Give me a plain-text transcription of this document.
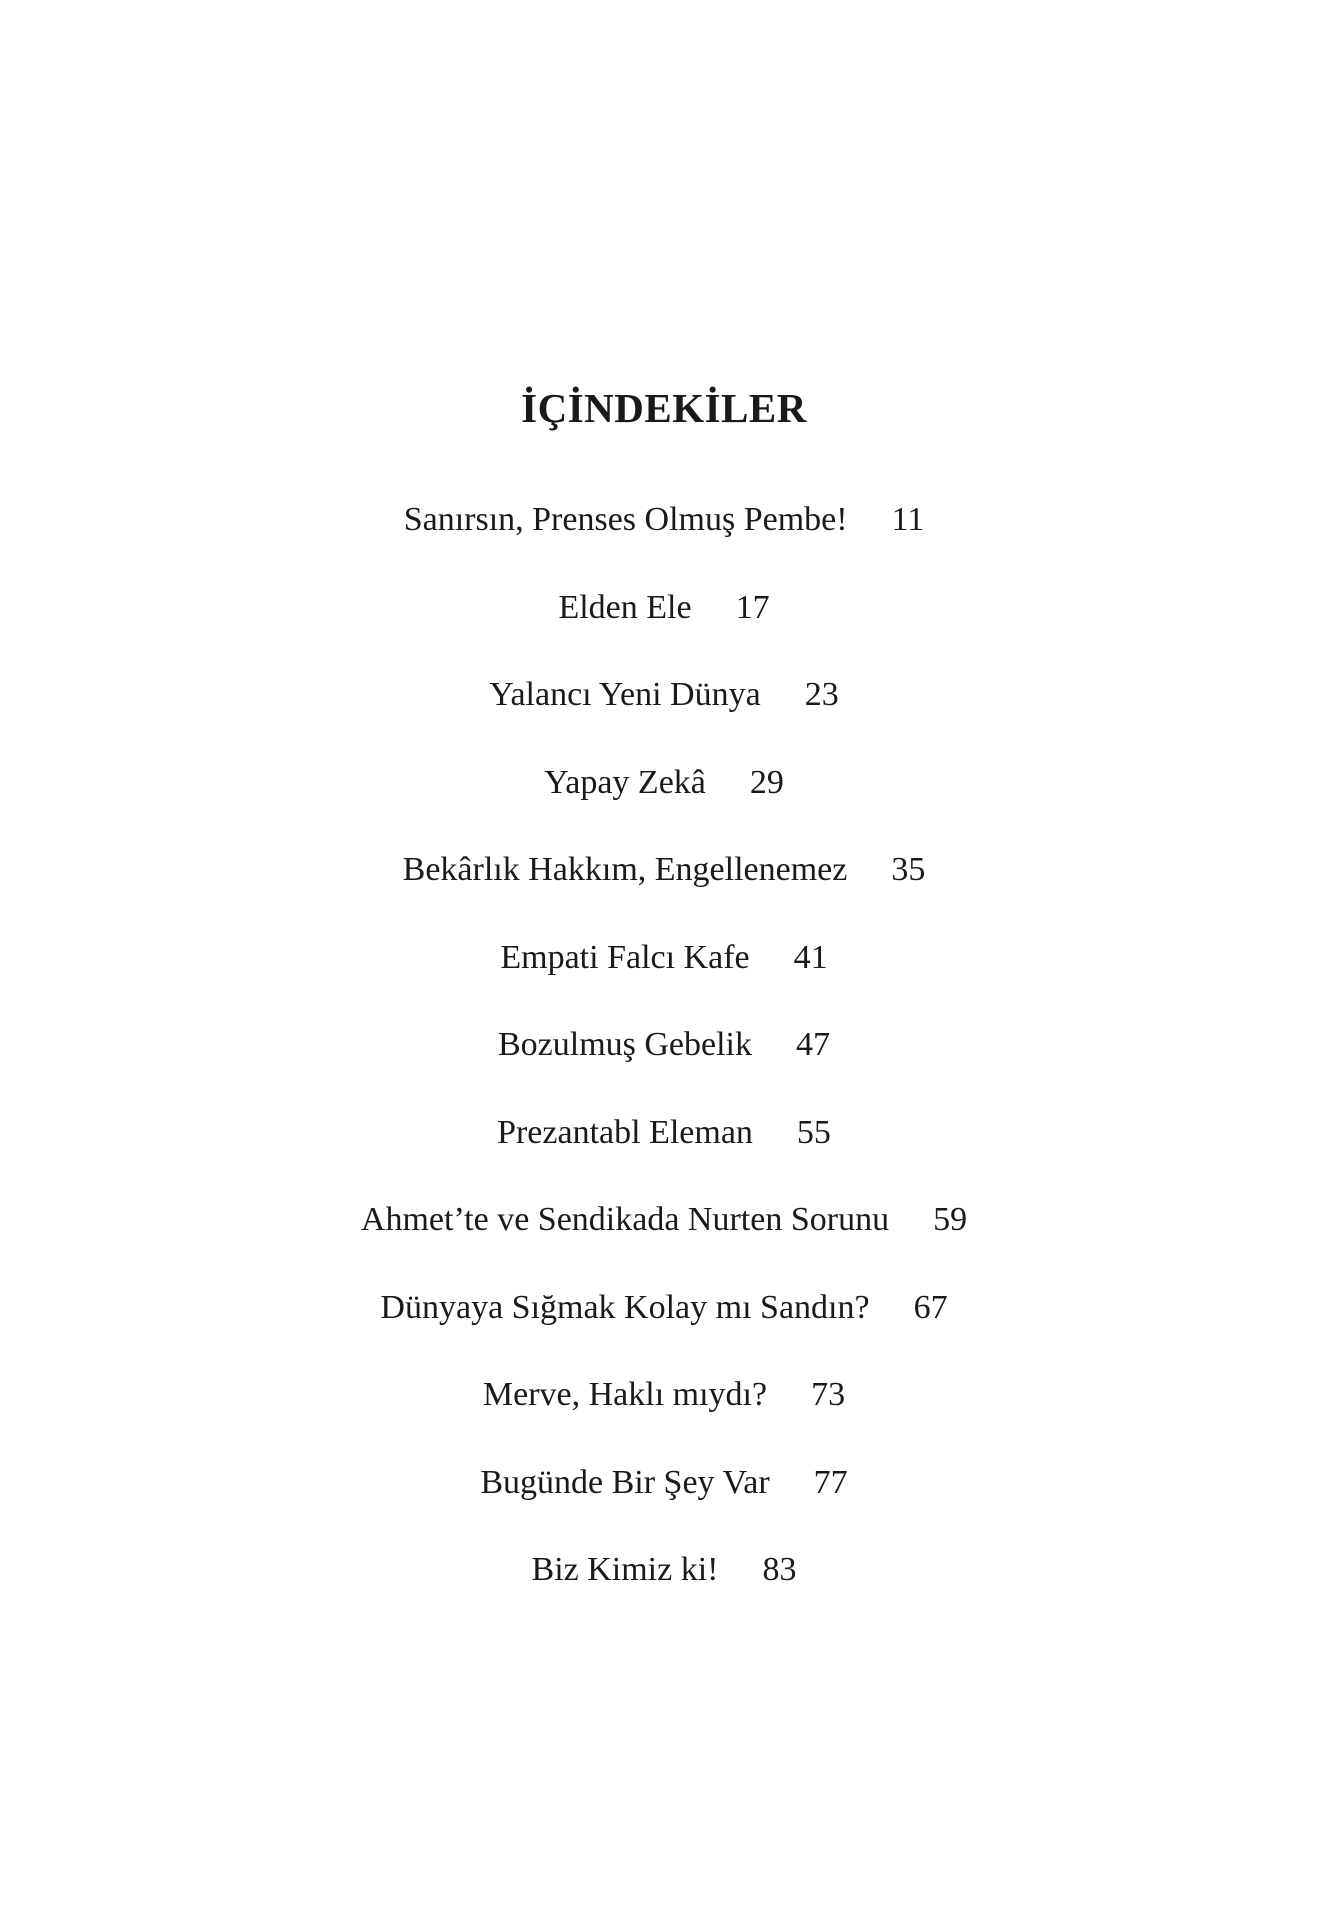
İÇİNDEKİLER
Sanırsın, Prenses Olmuş Pembe! 11
Elden Ele 17
Yalancı Yeni Dünya 23
Yapay Zekâ 29
Bekârlık Hakkım, Engellenemez 35
Empati Falcı Kafe 41
Bozulmuş Gebelik 47
Prezantabl Eleman 55
Ahmet’te ve Sendikada Nurten Sorunu 59
Dünyaya Sığmak Kolay mı Sandın? 67
Merve, Haklı mıydı? 73
Bugünde Bir Şey Var 77
Biz Kimiz ki! 83
